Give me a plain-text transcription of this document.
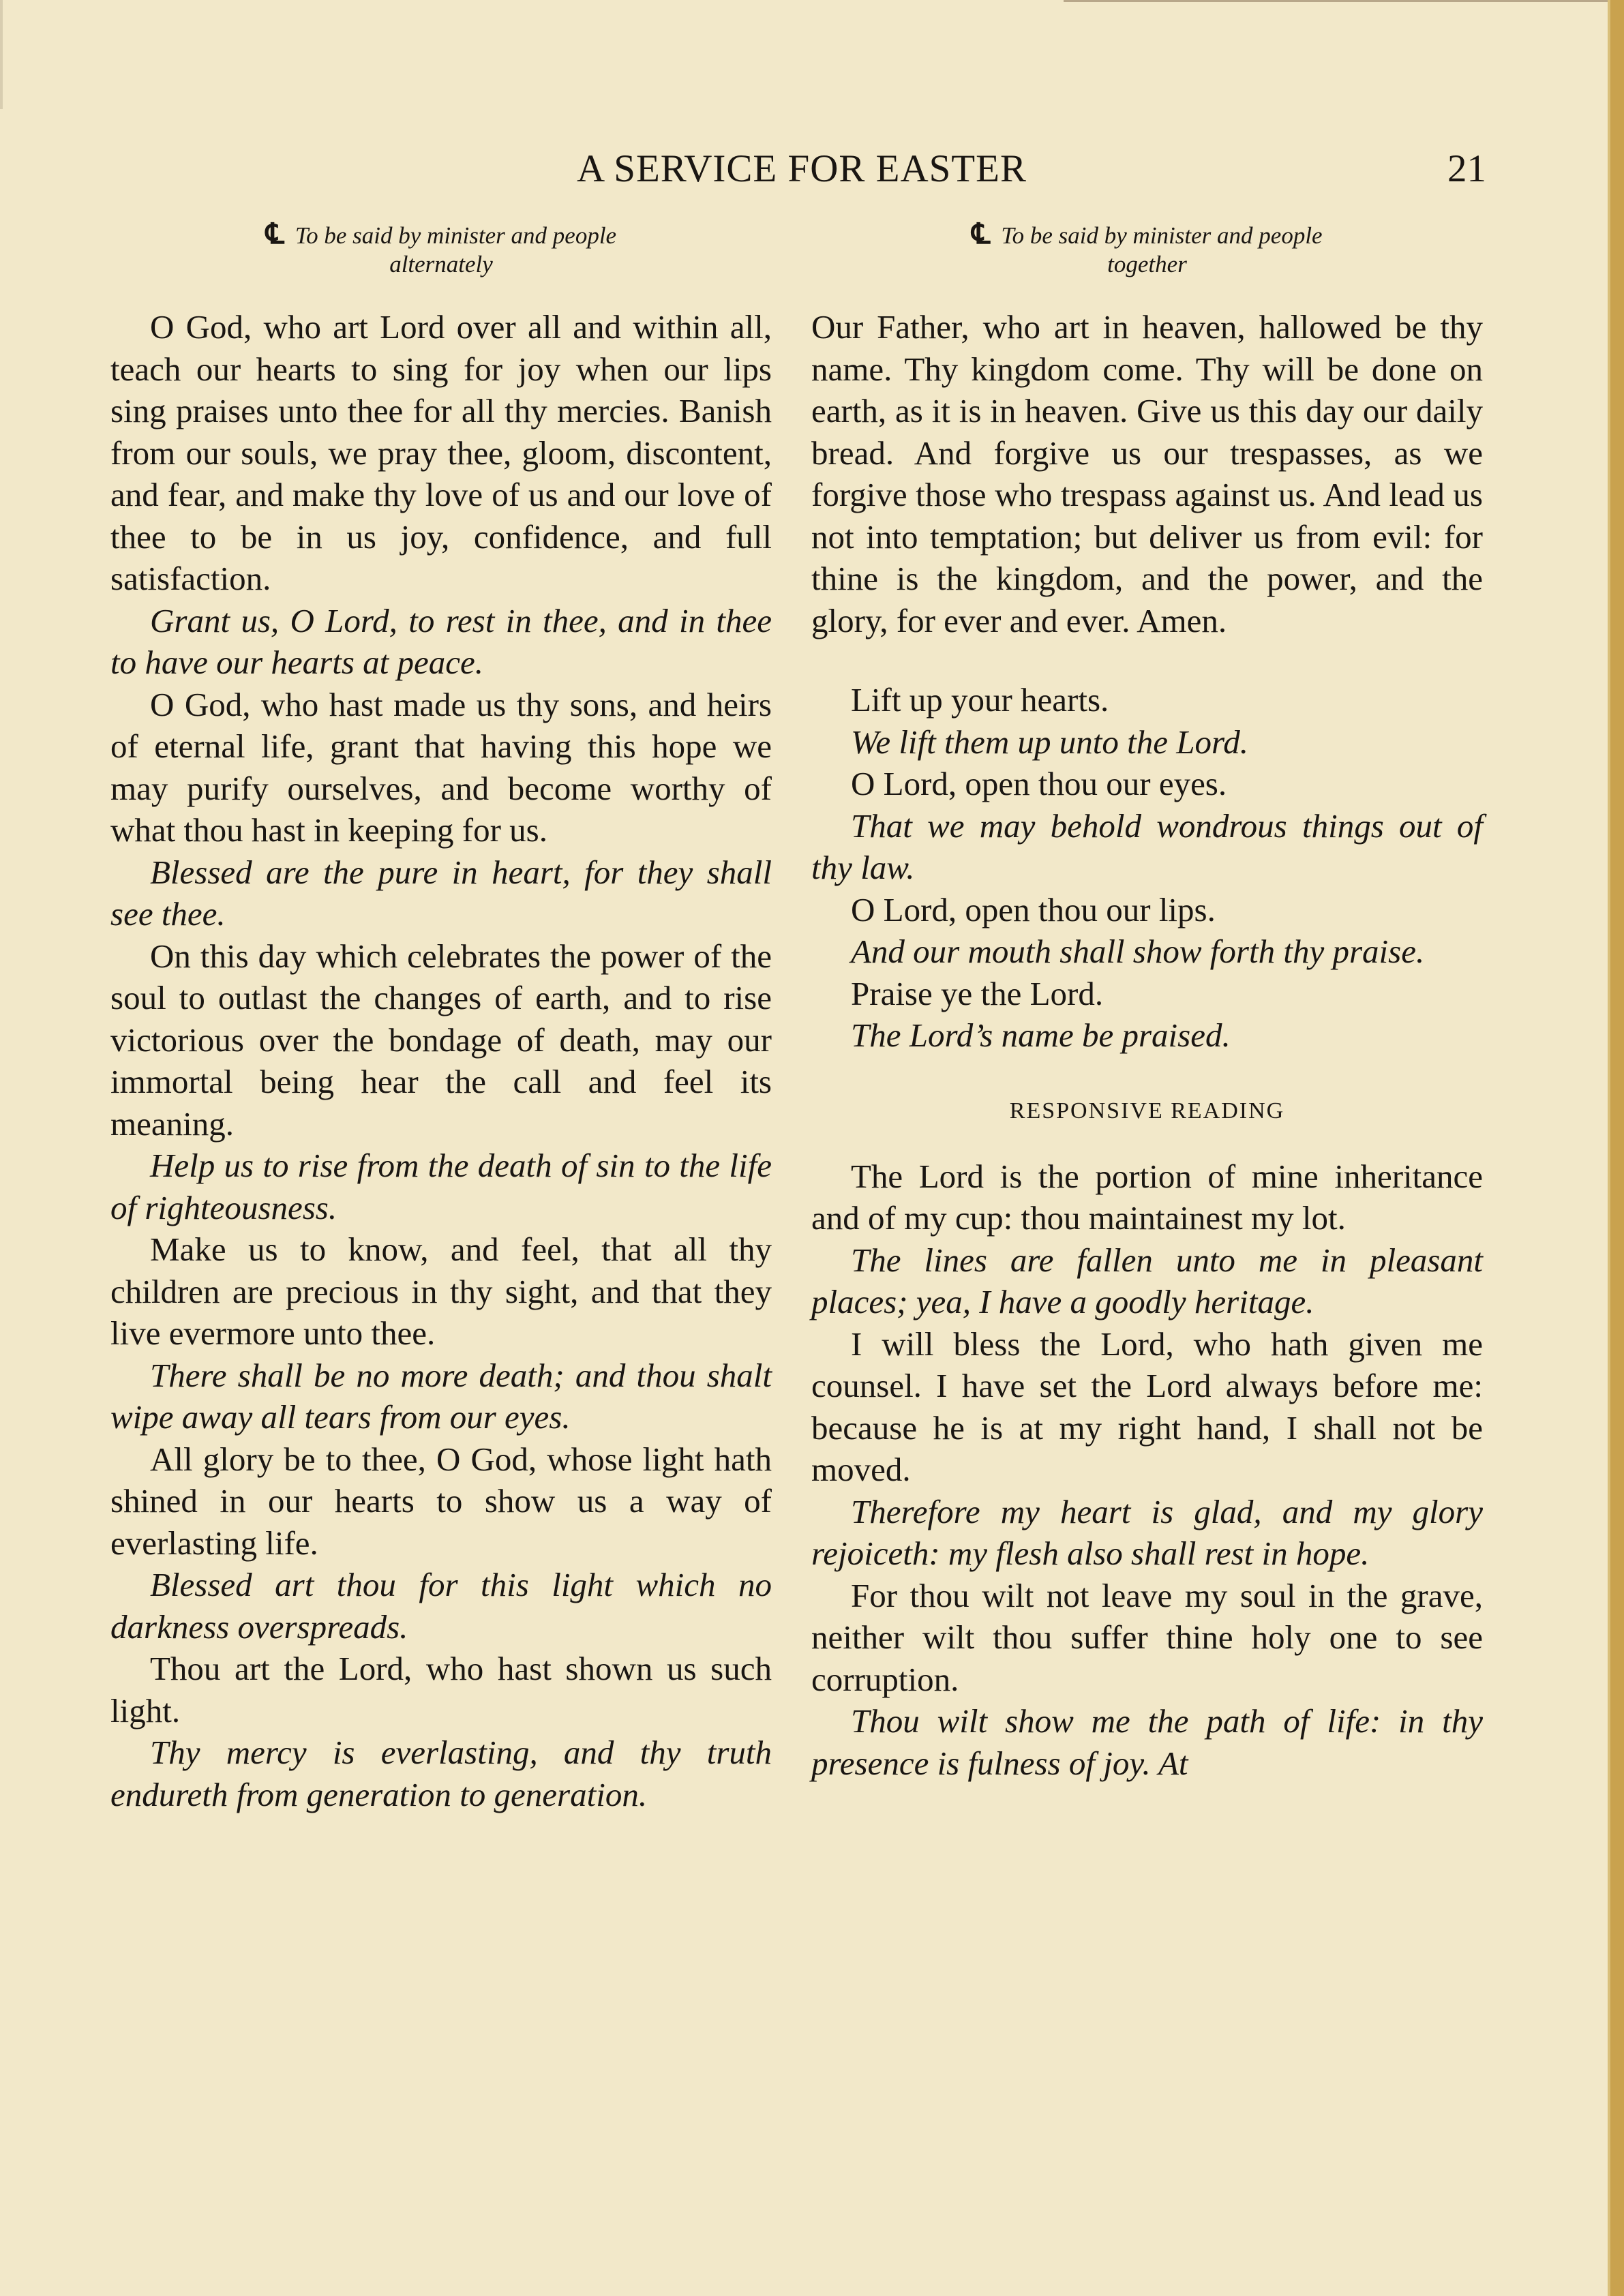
A SERVICE FOR EASTER	21
℄ To be said by minister and people
alternately

O God, who art Lord over all and within all, teach our hearts to sing for joy when our lips sing praises unto thee for all thy mercies. Banish from our souls, we pray thee, gloom, discontent, and fear, and make thy love of us and our love of thee to be in us joy, confidence, and full satisfaction.

Grant us, O Lord, to rest in thee, and in thee to have our hearts at peace.

O God, who hast made us thy sons, and heirs of eternal life, grant that having this hope we may purify ourselves, and become worthy of what thou hast in keeping for us.

Blessed are the pure in heart, for they shall see thee.

On this day which celebrates the power of the soul to outlast the changes of earth, and to rise victorious over the bondage of death, may our immortal being hear the call and feel its meaning.

Help us to rise from the death of sin to the life of righteousness.

Make us to know, and feel, that all thy children are precious in thy sight, and that they live evermore unto thee.

There shall be no more death; and thou shalt wipe away all tears from our eyes.

All glory be to thee, O God, whose light hath shined in our hearts to show us a way of everlasting life.

Blessed art thou for this light which no darkness overspreads.

Thou art the Lord, who hast shown us such light.

Thy mercy is everlasting, and thy truth endureth from generation to generation.

℄ To be said by minister and people
together

Our Father, who art in heaven, hallowed be thy name. Thy kingdom come. Thy will be done on earth, as it is in heaven. Give us this day our daily bread. And forgive us our trespasses, as we forgive those who trespass against us. And lead us not into temptation; but deliver us from evil: for thine is the kingdom, and the power, and the glory, for ever and ever. Amen.

Lift up your hearts.

We lift them up unto the Lord.

O Lord, open thou our eyes.

That we may behold wondrous things out of thy law.

O Lord, open thou our lips.

And our mouth shall show forth thy praise.

Praise ye the Lord.

The Lord’s name be praised.

RESPONSIVE READING

The Lord is the portion of mine inheritance and of my cup: thou maintainest my lot.

The lines are fallen unto me in pleasant places; yea, I have a goodly heritage.

I will bless the Lord, who hath given me counsel. I have set the Lord always before me: because he is at my right hand, I shall not be moved.

Therefore my heart is glad, and my glory rejoiceth: my flesh also shall rest in hope.

For thou wilt not leave my soul in the grave, neither wilt thou suffer thine holy one to see corruption.

Thou wilt show me the path of life: in thy presence is fulness of joy. At
